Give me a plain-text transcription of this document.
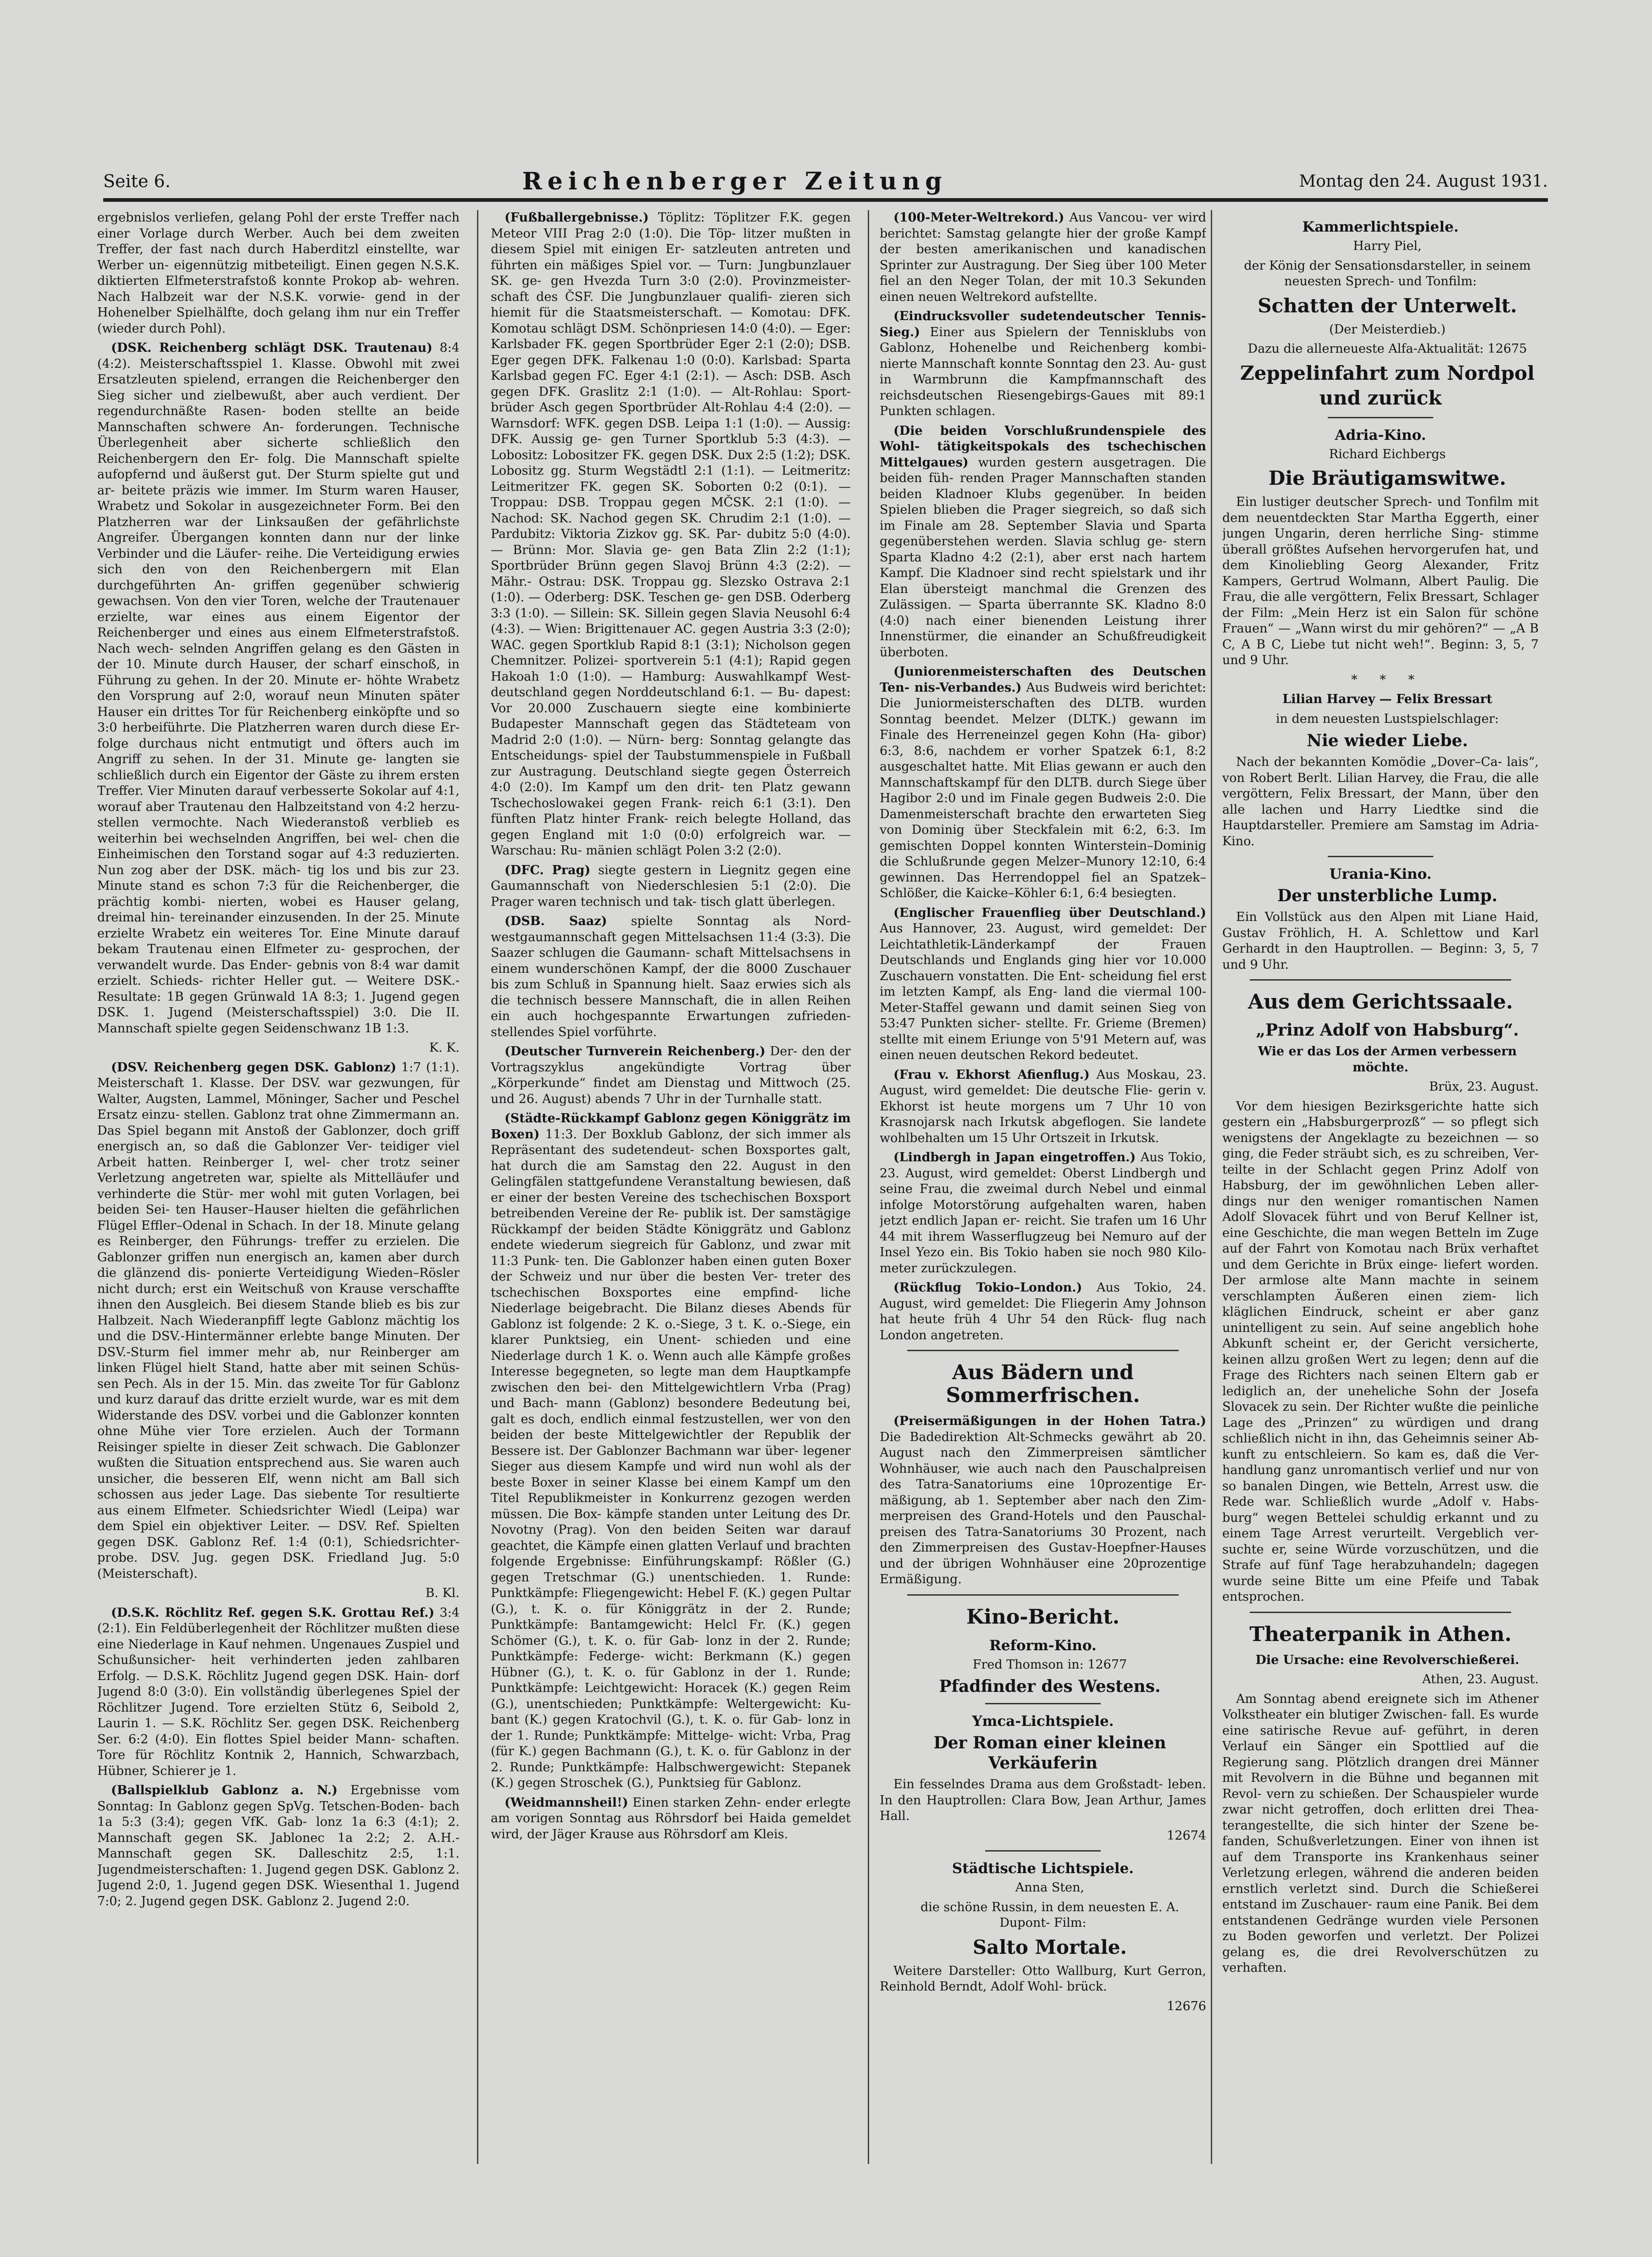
Seite 6.	Reichenberger Zeitung	Montag den 24. August 1931.

ergebnislos verliefen, gelang Pohl der erste Treffer nach einer Vorlage durch Werber. Auch bei dem zweiten Treffer, der fast nach durch Haberditzl einstellte, war Werber un- eigennützig mitbeteiligt. Einen gegen N.S.K. diktierten Elfmeterstrafstoß konnte Prokop ab- wehren. Nach Halbzeit war der N.S.K. vorwie- gend in der Hohenelber Spielhälfte, doch gelang ihm nur ein Treffer (wieder durch Pohl).

(DSK. Reichenberg schlägt DSK. Trautenau) 8:4 (4:2). Meisterschaftsspiel 1. Klasse. Obwohl mit zwei Ersatzleuten spielend, errangen die Reichenberger den Sieg sicher und zielbewußt, aber auch verdient. Der regendurchnäßte Rasen- boden stellte an beide Mannschaften schwere An- forderungen. Technische Überlegenheit aber sicherte schließlich den Reichenbergern den Er- folg. Die Mannschaft spielte aufopfernd und äußerst gut. Der Sturm spielte gut und ar- beitete präzis wie immer. Im Sturm waren Hauser, Wrabetz und Sokolar in ausgezeichneter Form. Bei den Platzherren war der Linksaußen der gefährlichste Angreifer. Übergangen konnten dann nur der linke Verbinder und die Läufer- reihe. Die Verteidigung erwies sich den von den Reichenbergern mit Elan durchgeführten An- griffen gegenüber schwierig gewachsen. Von den vier Toren, welche der Trautenauer erzielte, war eines aus einem Eigentor der Reichenberger und eines aus einem Elfmeterstrafstoß. Nach wech- selnden Angriffen gelang es den Gästen in der 10. Minute durch Hauser, der scharf einschoß, in Führung zu gehen. In der 20. Minute er- höhte Wrabetz den Vorsprung auf 2:0, worauf neun Minuten später Hauser ein drittes Tor für Reichenberg einköpfte und so 3:0 herbeiführte. Die Platzherren waren durch diese Er- folge durchaus nicht entmutigt und öfters auch im Angriff zu sehen. In der 31. Minute ge- langten sie schließlich durch ein Eigentor der Gäste zu ihrem ersten Treffer. Vier Minuten darauf verbesserte Sokolar auf 4:1, worauf aber Trautenau den Halbzeitstand von 4:2 herzu- stellen vermochte. Nach Wiederanstoß verblieb es weiterhin bei wechselnden Angriffen, bei wel- chen die Einheimischen den Torstand sogar auf 4:3 reduzierten. Nun zog aber der DSK. mäch- tig los und bis zur 23. Minute stand es schon 7:3 für die Reichenberger, die prächtig kombi- nierten, wobei es Hauser gelang, dreimal hin- tereinander einzusenden. In der 25. Minute erzielte Wrabetz ein weiteres Tor. Eine Minute darauf bekam Trautenau einen Elfmeter zu- gesprochen, der verwandelt wurde. Das Ender- gebnis von 8:4 war damit erzielt. Schieds- richter Heller gut. — Weitere DSK.-Resultate: 1B gegen Grünwald 1A 8:3; 1. Jugend gegen DSK. 1. Jugend (Meisterschaftsspiel) 3:0. Die II. Mannschaft spielte gegen Seidenschwanz 1B 1:3.

K. K.

(DSV. Reichenberg gegen DSK. Gablonz) 1:7 (1:1). Meisterschaft 1. Klasse. Der DSV. war gezwungen, für Walter, Augsten, Lammel, Möninger, Sacher und Peschel Ersatz einzu- stellen. Gablonz trat ohne Zimmermann an. Das Spiel begann mit Anstoß der Gablonzer, doch griff energisch an, so daß die Gablonzer Ver- teidiger viel Arbeit hatten. Reinberger I, wel- cher trotz seiner Verletzung angetreten war, spielte als Mittelläufer und verhinderte die Stür- mer wohl mit guten Vorlagen, bei beiden Sei- ten Hauser–Hauser hielten die gefährlichen Flügel Effler–Odenal in Schach. In der 18. Minute gelang es Reinberger, den Führungs- treffer zu erzielen. Die Gablonzer griffen nun energisch an, kamen aber durch die glänzend dis- ponierte Verteidigung Wieden–Rösler nicht durch; erst ein Weitschuß von Krause verschaffte ihnen den Ausgleich. Bei diesem Stande blieb es bis zur Halbzeit. Nach Wiederanpfiff legte Gablonz mächtig los und die DSV.-Hintermänner erlebte bange Minuten. Der DSV.-Sturm fiel immer mehr ab, nur Reinberger am linken Flügel hielt Stand, hatte aber mit seinen Schüs- sen Pech. Als in der 15. Min. das zweite Tor für Gablonz und kurz darauf das dritte erzielt wurde, war es mit dem Widerstande des DSV. vorbei und die Gablonzer konnten ohne Mühe vier Tore erzielen. Auch der Tormann Reisinger spielte in dieser Zeit schwach. Die Gablonzer wußten die Situation entsprechend aus. Sie waren auch unsicher, die besseren Elf, wenn nicht am Ball sich schossen aus jeder Lage. Das siebente Tor resultierte aus einem Elfmeter. Schiedsrichter Wiedl (Leipa) war dem Spiel ein objektiver Leiter. — DSV. Ref. Spielten gegen DSK. Gablonz Ref. 1:4 (0:1), Schiedsrichter- probe. DSV. Jug. gegen DSK. Friedland Jug. 5:0 (Meisterschaft).

B. Kl.

(D.S.K. Röchlitz Ref. gegen S.K. Grottau Ref.) 3:4 (2:1). Ein Feldüberlegenheit der Röchlitzer mußten diese eine Niederlage in Kauf nehmen. Ungenaues Zuspiel und Schußunsicher- heit verhinderten jeden zahlbaren Erfolg. — D.S.K. Röchlitz Jugend gegen DSK. Hain- dorf Jugend 8:0 (3:0). Ein vollständig überlegenes Spiel der Röchlitzer Jugend. Tore erzielten Stütz 6, Seibold 2, Laurin 1. — S.K. Röchlitz Ser. gegen DSK. Reichenberg Ser. 6:2 (4:0). Ein flottes Spiel beider Mann- schaften. Tore für Röchlitz Kontnik 2, Hannich, Schwarzbach, Hübner, Schierer je 1.

(Ballspielklub Gablonz a. N.) Ergebnisse vom Sonntag: In Gablonz gegen SpVg. Tetschen-Boden- bach 1a 5:3 (3:4); gegen VfK. Gab- lonz 1a 6:3 (4:1); 2. Mannschaft gegen SK. Jablonec 1a 2:2; 2. A.H.-Mannschaft gegen SK. Dalleschitz 2:5, 1:1. Jugendmeisterschaften: 1. Jugend gegen DSK. Gablonz 2. Jugend 2:0, 1. Jugend gegen DSK. Wiesenthal 1. Jugend 7:0; 2. Jugend gegen DSK. Gablonz 2. Jugend 2:0.

(Fußballergebnisse.) Töplitz: Töplitzer F.K. gegen Meteor VIII Prag 2:0 (1:0). Die Töp- litzer mußten in diesem Spiel mit einigen Er- satzleuten antreten und führten ein mäßiges Spiel vor. — Turn: Jungbunzlauer SK. ge- gen Hvezda Turn 3:0 (2:0). Provinzmeister- schaft des ČSF. Die Jungbunzlauer qualifi- zieren sich hiemit für die Staatsmeisterschaft. — Komotau: DFK. Komotau schlägt DSM. Schönpriesen 14:0 (4:0). — Eger: Karlsbader FK. gegen Sportbrüder Eger 2:1 (2:0); DSB. Eger gegen DFK. Falkenau 1:0 (0:0). Karlsbad: Sparta Karlsbad gegen FC. Eger 4:1 (2:1). — Asch: DSB. Asch gegen DFK. Graslitz 2:1 (1:0). — Alt-Rohlau: Sport- brüder Asch gegen Sportbrüder Alt-Rohlau 4:4 (2:0). — Warnsdorf: WFK. gegen DSB. Leipa 1:1 (1:0). — Aussig: DFK. Aussig ge- gen Turner Sportklub 5:3 (4:3). — Lobositz: Lobositzer FK. gegen DSK. Dux 2:5 (1:2); DSK. Lobositz gg. Sturm Wegstädtl 2:1 (1:1). — Leitmeritz: Leitmeritzer FK. gegen SK. Soborten 0:2 (0:1). — Troppau: DSB. Troppau gegen MČSK. 2:1 (1:0). — Nachod: SK. Nachod gegen SK. Chrudim 2:1 (1:0). — Pardubitz: Viktoria Zizkov gg. SK. Par- dubitz 5:0 (4:0). — Brünn: Mor. Slavia ge- gen Bata Zlin 2:2 (1:1); Sportbrüder Brünn gegen Slavoj Brünn 4:3 (2:2). — Mähr.- Ostrau: DSK. Troppau gg. Slezsko Ostrava 2:1 (1:0). — Oderberg: DSK. Teschen ge- gen DSB. Oderberg 3:3 (1:0). — Sillein: SK. Sillein gegen Slavia Neusohl 6:4 (4:3). — Wien: Brigittenauer AC. gegen Austria 3:3 (2:0); WAC. gegen Sportklub Rapid 8:1 (3:1); Nicholson gegen Chemnitzer. Polizei- sportverein 5:1 (4:1); Rapid gegen Hakoah 1:0 (1:0). — Hamburg: Auswahlkampf West- deutschland gegen Norddeutschland 6:1. — Bu- dapest: Vor 20.000 Zuschauern siegte eine kombinierte Budapester Mannschaft gegen das Städteteam von Madrid 2:0 (1:0). — Nürn- berg: Sonntag gelangte das Entscheidungs- spiel der Taubstummenspiele in Fußball zur Austragung. Deutschland siegte gegen Österreich 4:0 (2:0). Im Kampf um den drit- ten Platz gewann Tschechoslowakei gegen Frank- reich 6:1 (3:1). Den fünften Platz hinter Frank- reich belegte Holland, das gegen England mit 1:0 (0:0) erfolgreich war. — Warschau: Ru- mänien schlägt Polen 3:2 (2:0).

(DFC. Prag) siegte gestern in Liegnitz gegen eine Gaumannschaft von Niederschlesien 5:1 (2:0). Die Prager waren technisch und tak- tisch glatt überlegen.

(DSB. Saaz) spielte Sonntag als Nord- westgaumannschaft gegen Mittelsachsen 11:4 (3:3). Die Saazer schlugen die Gaumann- schaft Mittelsachsens in einem wunderschönen Kampf, der die 8000 Zuschauer bis zum Schluß in Spannung hielt. Saaz erwies sich als die technisch bessere Mannschaft, die in allen Reihen ein auch hochgespannte Erwartungen zufrieden- stellendes Spiel vorführte.

(Deutscher Turnverein Reichenberg.) Der- den der Vortragszyklus angekündigte Vortrag über „Körperkunde“ findet am Dienstag und Mittwoch (25. und 26. August) abends 7 Uhr in der Turnhalle statt.

(Städte-Rückkampf Gablonz gegen Königgrätz im Boxen) 11:3. Der Boxklub Gablonz, der sich immer als Repräsentant des sudetendeut- schen Boxsportes galt, hat durch die am Samstag den 22. August in den Gelingfälen stattgefundene Veranstaltung bewiesen, daß er einer der besten Vereine des tschechischen Boxsport betreibenden Vereine der Re- publik ist. Der samstägige Rückkampf der beiden Städte Königgrätz und Gablonz endete wiederum siegreich für Gablonz, und zwar mit 11:3 Punk- ten. Die Gablonzer haben einen guten Boxer der Schweiz und nur über die besten Ver- treter des tschechischen Boxsportes eine empfind- liche Niederlage beigebracht. Die Bilanz dieses Abends für Gablonz ist folgende: 2 K. o.-Siege, 3 t. K. o.-Siege, ein klarer Punktsieg, ein Unent- schieden und eine Niederlage durch 1 K. o. Wenn auch alle Kämpfe großes Interesse begegneten, so legte man dem Hauptkampfe zwischen den bei- den Mittelgewichtlern Vrba (Prag) und Bach- mann (Gablonz) besondere Bedeutung bei, galt es doch, endlich einmal festzustellen, wer von den beiden der beste Mittelgewichtler der Republik der Bessere ist. Der Gablonzer Bachmann war über- legener Sieger aus diesem Kampfe und wird nun wohl als der beste Boxer in seiner Klasse bei einem Kampf um den Titel Republikmeister in Konkurrenz gezogen werden müssen. Die Box- kämpfe standen unter Leitung des Dr. Novotny (Prag). Von den beiden Seiten war darauf geachtet, die Kämpfe einen glatten Verlauf und brachten folgende Ergebnisse: Einführungskampf: Rößler (G.) gegen Tretschmar (G.) unentschieden. 1. Runde: Punktkämpfe: Fliegengewicht: Hebel F. (K.) gegen Pultar (G.), t. K. o. für Königgrätz in der 2. Runde; Punktkämpfe: Bantamgewicht: Helcl Fr. (K.) gegen Schömer (G.), t. K. o. für Gab- lonz in der 2. Runde; Punktkämpfe: Federge- wicht: Berkmann (K.) gegen Hübner (G.), t. K. o. für Gablonz in der 1. Runde; Punktkämpfe: Leichtgewicht: Horacek (K.) gegen Reim (G.), unentschieden; Punktkämpfe: Weltergewicht: Ku- bant (K.) gegen Kratochvil (G.), t. K. o. für Gab- lonz in der 1. Runde; Punktkämpfe: Mittelge- wicht: Vrba, Prag (für K.) gegen Bachmann (G.), t. K. o. für Gablonz in der 2. Runde; Punktkämpfe: Halbschwergewicht: Stepanek (K.) gegen Stroschek (G.), Punktsieg für Gablonz.

(Weidmannsheil!) Einen starken Zehn- ender erlegte am vorigen Sonntag aus Röhrsdorf bei Haida gemeldet wird, der Jäger Krause aus Röhrsdorf am Kleis.

(100-Meter-Weltrekord.) Aus Vancou- ver wird berichtet: Samstag gelangte hier der große Kampf der besten amerikanischen und kanadischen Sprinter zur Austragung. Der Sieg über 100 Meter fiel an den Neger Tolan, der mit 10.3 Sekunden einen neuen Weltrekord aufstellte.

(Eindrucksvoller sudetendeutscher Tennis- Sieg.) Einer aus Spielern der Tennisklubs von Gablonz, Hohenelbe und Reichenberg kombi- nierte Mannschaft konnte Sonntag den 23. Au- gust in Warmbrunn die Kampfmannschaft des reichsdeutschen Riesengebirgs-Gaues mit 89:1 Punkten schlagen.

(Die beiden Vorschlußrundenspiele des Wohl- tätigkeitspokals des tschechischen Mittelgaues) wurden gestern ausgetragen. Die beiden füh- renden Prager Mannschaften standen beiden Kladnoer Klubs gegenüber. In beiden Spielen blieben die Prager siegreich, so daß sich im Finale am 28. September Slavia und Sparta gegenüberstehen werden. Slavia schlug ge- stern Sparta Kladno 4:2 (2:1), aber erst nach hartem Kampf. Die Kladnoer sind recht spielstark und ihr Elan übersteigt manchmal die Grenzen des Zulässigen. — Sparta überrannte SK. Kladno 8:0 (4:0) nach einer bienenden Leistung ihrer Innenstürmer, die einander an Schußfreudigkeit überboten.

(Juniorenmeisterschaften des Deutschen Ten- nis-Verbandes.) Aus Budweis wird berichtet: Die Juniormeisterschaften des DLTB. wurden Sonntag beendet. Melzer (DLTK.) gewann im Finale des Herreneinzel gegen Kohn (Ha- gibor) 6:3, 8:6, nachdem er vorher Spatzek 6:1, 8:2 ausgeschaltet hatte. Mit Elias gewann er auch den Mannschaftskampf für den DLTB. durch Siege über Hagibor 2:0 und im Finale gegen Budweis 2:0. Die Damenmeisterschaft brachte den erwarteten Sieg von Dominig über Steckfalein mit 6:2, 6:3. Im gemischten Doppel konnten Winterstein–Dominig die Schlußrunde gegen Melzer–Munory 12:10, 6:4 gewinnen. Das Herrendoppel fiel an Spatzek–Schlößer, die Kaicke–Köhler 6:1, 6:4 besiegten.

(Englischer Frauenflieg über Deutschland.) Aus Hannover, 23. August, wird gemeldet: Der Leichtathletik-Länderkampf der Frauen Deutschlands und Englands ging hier vor 10.000 Zuschauern vonstatten. Die Ent- scheidung fiel erst im letzten Kampf, als Eng- land die viermal 100-Meter-Staffel gewann und damit seinen Sieg von 53:47 Punkten sicher- stellte. Fr. Grieme (Bremen) stellte mit einem Eriunge von 5'91 Metern auf, was einen neuen deutschen Rekord bedeutet.

(Frau v. Ekhorst Afienflug.) Aus Moskau, 23. August, wird gemeldet: Die deutsche Flie- gerin v. Ekhorst ist heute morgens um 7 Uhr 10 von Krasnojarsk nach Irkutsk abgeflogen. Sie landete wohlbehalten um 15 Uhr Ortszeit in Irkutsk.

(Lindbergh in Japan eingetroffen.) Aus Tokio, 23. August, wird gemeldet: Oberst Lindbergh und seine Frau, die zweimal durch Nebel und einmal infolge Motorstörung aufgehalten waren, haben jetzt endlich Japan er- reicht. Sie trafen um 16 Uhr 44 mit ihrem Wasserflugzeug bei Nemuro auf der Insel Yezo ein. Bis Tokio haben sie noch 980 Kilo- meter zurückzulegen.

(Rückflug Tokio–London.) Aus Tokio, 24. August, wird gemeldet: Die Fliegerin Amy Johnson hat heute früh 4 Uhr 54 den Rück- flug nach London angetreten.

Aus Bädern und Sommerfrischen.

(Preisermäßigungen in der Hohen Tatra.) Die Badedirektion Alt-Schmecks gewährt ab 20. August nach den Zimmerpreisen sämtlicher Wohnhäuser, wie auch nach den Pauschalpreisen des Tatra-Sanatoriums eine 10prozentige Er- mäßigung, ab 1. September aber nach den Zim- merpreisen des Grand-Hotels und den Pauschal- preisen des Tatra-Sanatoriums 30 Prozent, nach den Zimmerpreisen des Gustav-Hoepfner-Hauses und der übrigen Wohnhäuser eine 20prozentige Ermäßigung.

Kino-Bericht.
Reform-Kino.

Fred Thomson in: 12677

Pfadfinder des Westens.

Ymca-Lichtspiele.

Der Roman einer kleinen Verkäuferin

Ein fesselndes Drama aus dem Großstadt- leben. In den Hauptrollen: Clara Bow, Jean Arthur, James Hall.

12674

Städtische Lichtspiele.

Anna Sten,

die schöne Russin, in dem neuesten E. A. Dupont- Film:

Salto Mortale.

Weitere Darsteller: Otto Wallburg, Kurt Gerron, Reinhold Berndt, Adolf Wohl- brück.

12676

Kammerlichtspiele.

Harry Piel,

der König der Sensationsdarsteller, in seinem neuesten Sprech- und Tonfilm:

Schatten der Unterwelt.

(Der Meisterdieb.)

Dazu die allerneueste Alfa-Aktualität: 12675

Zeppelinfahrt zum Nordpol und zurück

Adria-Kino.

Richard Eichbergs

Die Bräutigamswitwe.

Ein lustiger deutscher Sprech- und Tonfilm mit dem neuentdeckten Star Martha Eggerth, einer jungen Ungarin, deren herrliche Sing- stimme überall größtes Aufsehen hervorgerufen hat, und dem Kinoliebling Georg Alexander, Fritz Kampers, Gertrud Wolmann, Albert Paulig. Die Frau, die alle vergöttern, Felix Bressart, Schlager der Film: „Mein Herz ist ein Salon für schöne Frauen“ — „Wann wirst du mir gehören?“ — „A B C, A B C, Liebe tut nicht weh!“. Beginn: 3, 5, 7 und 9 Uhr.

* * *

Lilian Harvey — Felix Bressart

in dem neuesten Lustspielschlager:

Nie wieder Liebe.

Nach der bekannten Komödie „Dover–Ca- lais“, von Robert Berlt. Lilian Harvey, die Frau, die alle vergöttern, Felix Bressart, der Mann, über den alle lachen und Harry Liedtke sind die Hauptdarsteller. Premiere am Samstag im Adria-Kino.

Urania-Kino.

Der unsterbliche Lump.

Ein Vollstück aus den Alpen mit Liane Haid, Gustav Fröhlich, H. A. Schlettow und Karl Gerhardt in den Hauptrollen. — Beginn: 3, 5, 7 und 9 Uhr.

Aus dem Gerichtssaale.

„Prinz Adolf von Habsburg“.

Wie er das Los der Armen verbessern möchte.

Brüx, 23. August.

Vor dem hiesigen Bezirksgerichte hatte sich gestern ein „Habsburgerprozß“ — so pflegt sich wenigstens der Angeklagte zu bezeichnen — so ging, die Feder sträubt sich, es zu schreiben, Ver- teilte in der Schlacht gegen Prinz Adolf von Habsburg, der im gewöhnlichen Leben aller- dings nur den weniger romantischen Namen Adolf Slovacek führt und von Beruf Kellner ist, eine Geschichte, die man wegen Betteln im Zuge auf der Fahrt von Komotau nach Brüx verhaftet und dem Gerichte in Brüx einge- liefert worden. Der armlose alte Mann machte in seinem verschlampten Äußeren einen ziem- lich kläglichen Eindruck, scheint er aber ganz unintelligent zu sein. Auf seine angeblich hohe Abkunft scheint er, der Gericht versicherte, keinen allzu großen Wert zu legen; denn auf die Frage des Richters nach seinen Eltern gab er lediglich an, der uneheliche Sohn der Josefa Slovacek zu sein. Der Richter wußte die peinliche Lage des „Prinzen“ zu würdigen und drang schließlich nicht in ihn, das Geheimnis seiner Ab- kunft zu entschleiern. So kam es, daß die Ver- handlung ganz unromantisch verlief und nur von so banalen Dingen, wie Betteln, Arrest usw. die Rede war. Schließlich wurde „Adolf v. Habs- burg“ wegen Bettelei schuldig erkannt und zu einem Tage Arrest verurteilt. Vergeblich ver- suchte er, seine Würde vorzuschützen, und die Strafe auf fünf Tage herabzuhandeln; dagegen wurde seine Bitte um eine Pfeife und Tabak entsprochen.

Theaterpanik in Athen.

Die Ursache: eine Revolverschießerei.

Athen, 23. August.

Am Sonntag abend ereignete sich im Athener Volkstheater ein blutiger Zwischen- fall. Es wurde eine satirische Revue auf- geführt, in deren Verlauf ein Sänger ein Spottlied auf die Regierung sang. Plötzlich drangen drei Männer mit Revolvern in die Bühne und begannen mit Revol- vern zu schießen. Der Schauspieler wurde zwar nicht getroffen, doch erlitten drei Thea- terangestellte, die sich hinter der Szene be- fanden, Schußverletzungen. Einer von ihnen ist auf dem Transporte ins Krankenhaus seiner Verletzung erlegen, während die anderen beiden ernstlich verletzt sind. Durch die Schießerei entstand im Zuschauer- raum eine Panik. Bei dem entstandenen Gedränge wurden viele Personen zu Boden geworfen und verletzt. Der Polizei gelang es, die drei Revolverschützen zu verhaften.
